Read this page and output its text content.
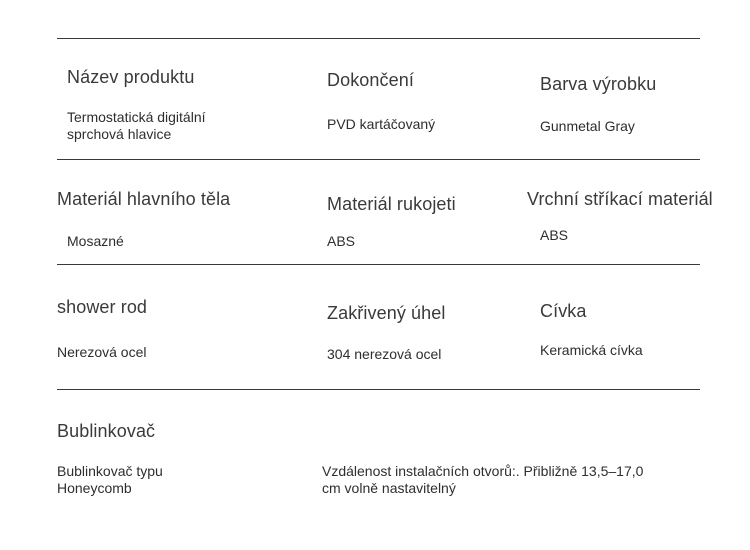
Název produktu
Termostatická digitální
sprchová hlavice
Dokončení
PVD kartáčovaný
Barva výrobku
Gunmetal Gray
Materiál hlavního těla
Mosazné
Materiál rukojeti
ABS
Vrchní stříkací materiál
ABS
shower rod
Nerezová ocel
Zakřivený úhel
304 nerezová ocel
Cívka
Keramická cívka
Bublinkovač
Bublinkovač typu
Honeycomb
Vzdálenost instalačních otvorů:. Přibližně 13,5–17,0
cm volně nastavitelný
